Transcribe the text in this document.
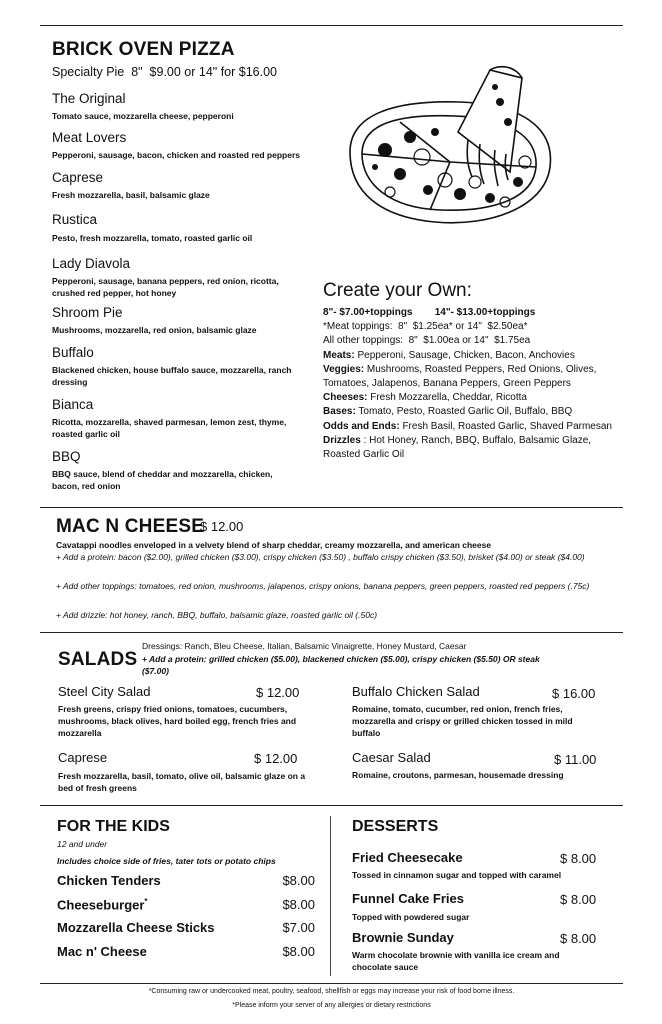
BRICK OVEN PIZZA
Specialty Pie  8"  $9.00 or 14" for $16.00
The Original
Tomato sauce, mozzarella cheese, pepperoni
Meat Lovers
Pepperoni, sausage, bacon, chicken and roasted red peppers
Caprese
Fresh mozzarella, basil, balsamic glaze
Rustica
Pesto, fresh mozzarella, tomato, roasted garlic oil
Lady Diavola
Pepperoni, sausage, banana peppers, red onion, ricotta, crushed red pepper, hot honey
Shroom Pie
Mushrooms, mozzarella, red onion, balsamic glaze
Buffalo
Blackened chicken, house buffalo sauce, mozzarella, ranch dressing
Bianca
Ricotta, mozzarella, shaved parmesan, lemon zest, thyme, roasted garlic oil
BBQ
BBQ sauce, blend of cheddar and mozzarella, chicken, bacon, red onion
Create your Own:
8"- $7.00+toppings        14"- $13.00+toppings
*Meat toppings:  8"  $1.25ea* or 14"  $2.50ea*
All other toppings:  8"  $1.00ea or 14"  $1.75ea
Meats: Pepperoni, Sausage, Chicken, Bacon, Anchovies
Veggies: Mushrooms, Roasted Peppers, Red Onions, Olives, Tomatoes, Jalapenos, Banana Peppers, Green Peppers
Cheeses: Fresh Mozzarella, Cheddar, Ricotta
Bases: Tomato, Pesto, Roasted Garlic Oil, Buffalo, BBQ
Odds and Ends: Fresh Basil, Roasted Garlic, Shaved Parmesan
Drizzles : Hot Honey, Ranch, BBQ, Buffalo, Balsamic Glaze, Roasted Garlic Oil
MAC N CHEESE
$ 12.00
Cavatappi noodles enveloped in a velvety blend of sharp cheddar, creamy mozzarella, and american cheese
+ Add a protein: bacon ($2.00), grilled chicken ($3.00), crispy chicken ($3.50) , buffalo crispy chicken ($3.50), brisket ($4.00) or steak ($4.00)
+ Add other toppings: tomatoes, red onion, mushrooms, jalapenos, crispy onions, banana peppers, green peppers, roasted red peppers (.75c)
+ Add drizzle: hot honey, ranch, BBQ, buffalo, balsamic glaze, roasted garlic oil (.50c)
SALADS
Dressings: Ranch, Bleu Cheese, Italian, Balsamic Vinaigrette, Honey Mustard, Caesar
+ Add a protein: grilled chicken ($5.00), blackened chicken ($5.00), crispy chicken ($5.50) OR steak ($7.00)
Steel City Salad	$ 12.00
Fresh greens, crispy fried onions, tomatoes, cucumbers, mushrooms, black olives, hard boiled egg, french fries and mozzarella
Buffalo Chicken Salad	$ 16.00
Romaine, tomato, cucumber, red onion, french fries, mozzarella and crispy or grilled chicken tossed in mild buffalo
Caprese	$ 12.00
Fresh mozzarella, basil, tomato, olive oil, balsamic glaze on a bed of fresh greens
Caesar Salad	$ 11.00
Romaine, croutons, parmesan, housemade dressing
FOR THE KIDS
12 and under
Includes choice side of fries, tater tots or potato chips
Chicken Tenders	$8.00
Cheeseburger*	$8.00
Mozzarella Cheese Sticks	$7.00
Mac n' Cheese	$8.00
DESSERTS
Fried Cheesecake	$ 8.00
Tossed in cinnamon sugar and topped with caramel
Funnel Cake Fries	$ 8.00
Topped with powdered sugar
Brownie Sunday	$ 8.00
Warm chocolate brownie with vanilla ice cream and chocolate sauce
*Consuming raw or undercooked meat, poultry, seafood, shellfish or eggs may increase your risk of food borne illness.
*Please inform your server of any allergies or dietary restrictions
